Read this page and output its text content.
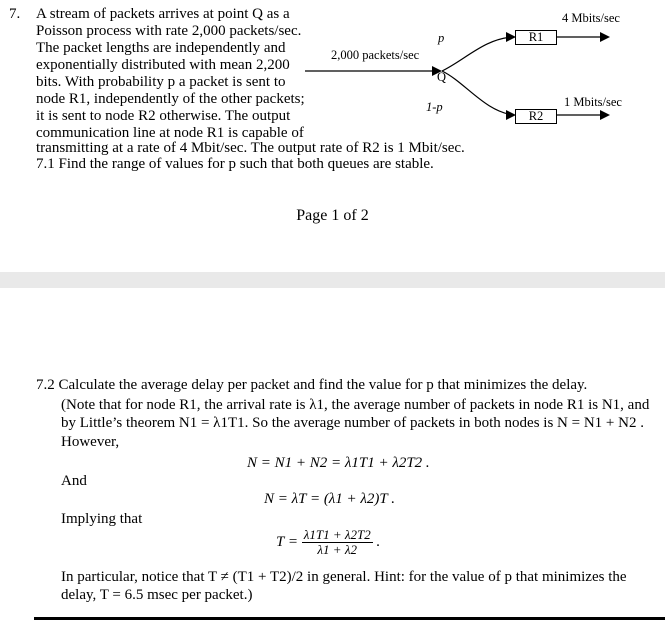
7. A stream of packets arrives at point Q as a
Poisson process with rate 2,000 packets/sec.
The packet lengths are independently and
exponentially distributed with mean 2,200
bits. With probability p a packet is sent to
node R1, independently of the other packets;
it is sent to node R2 otherwise. The output
communication line at node R1 is capable of
transmitting at a rate of 4 Mbit/sec. The output rate of R2 is 1 Mbit/sec.
7.1 Find the range of values for p such that both queues are stable.
2,000 packets/sec
Q
p
1-p
R1
R2
4 Mbits/sec
1 Mbits/sec
Page 1 of 2
7.2 Calculate the average delay per packet and find the value for p that minimizes the delay.
(Note that for node R1, the arrival rate is λ1, the average number of packets in node R1 is N1, and
by Little’s theorem N1 = λ1T1. So the average number of packets in both nodes is N = N1 + N2 .
However,
N = N1 + N2 = λ1T1 + λ2T2 .
And
N = λT = (λ1 + λ2)T .
Implying that
$T = \frac{\lambda 1T1 + \lambda 2T2}{\lambda 1 + \lambda 2}$ .
In particular, notice that T ≠ (T1 + T2)/2 in general. Hint: for the value of p that minimizes the
delay, T = 6.5 msec per packet.)
